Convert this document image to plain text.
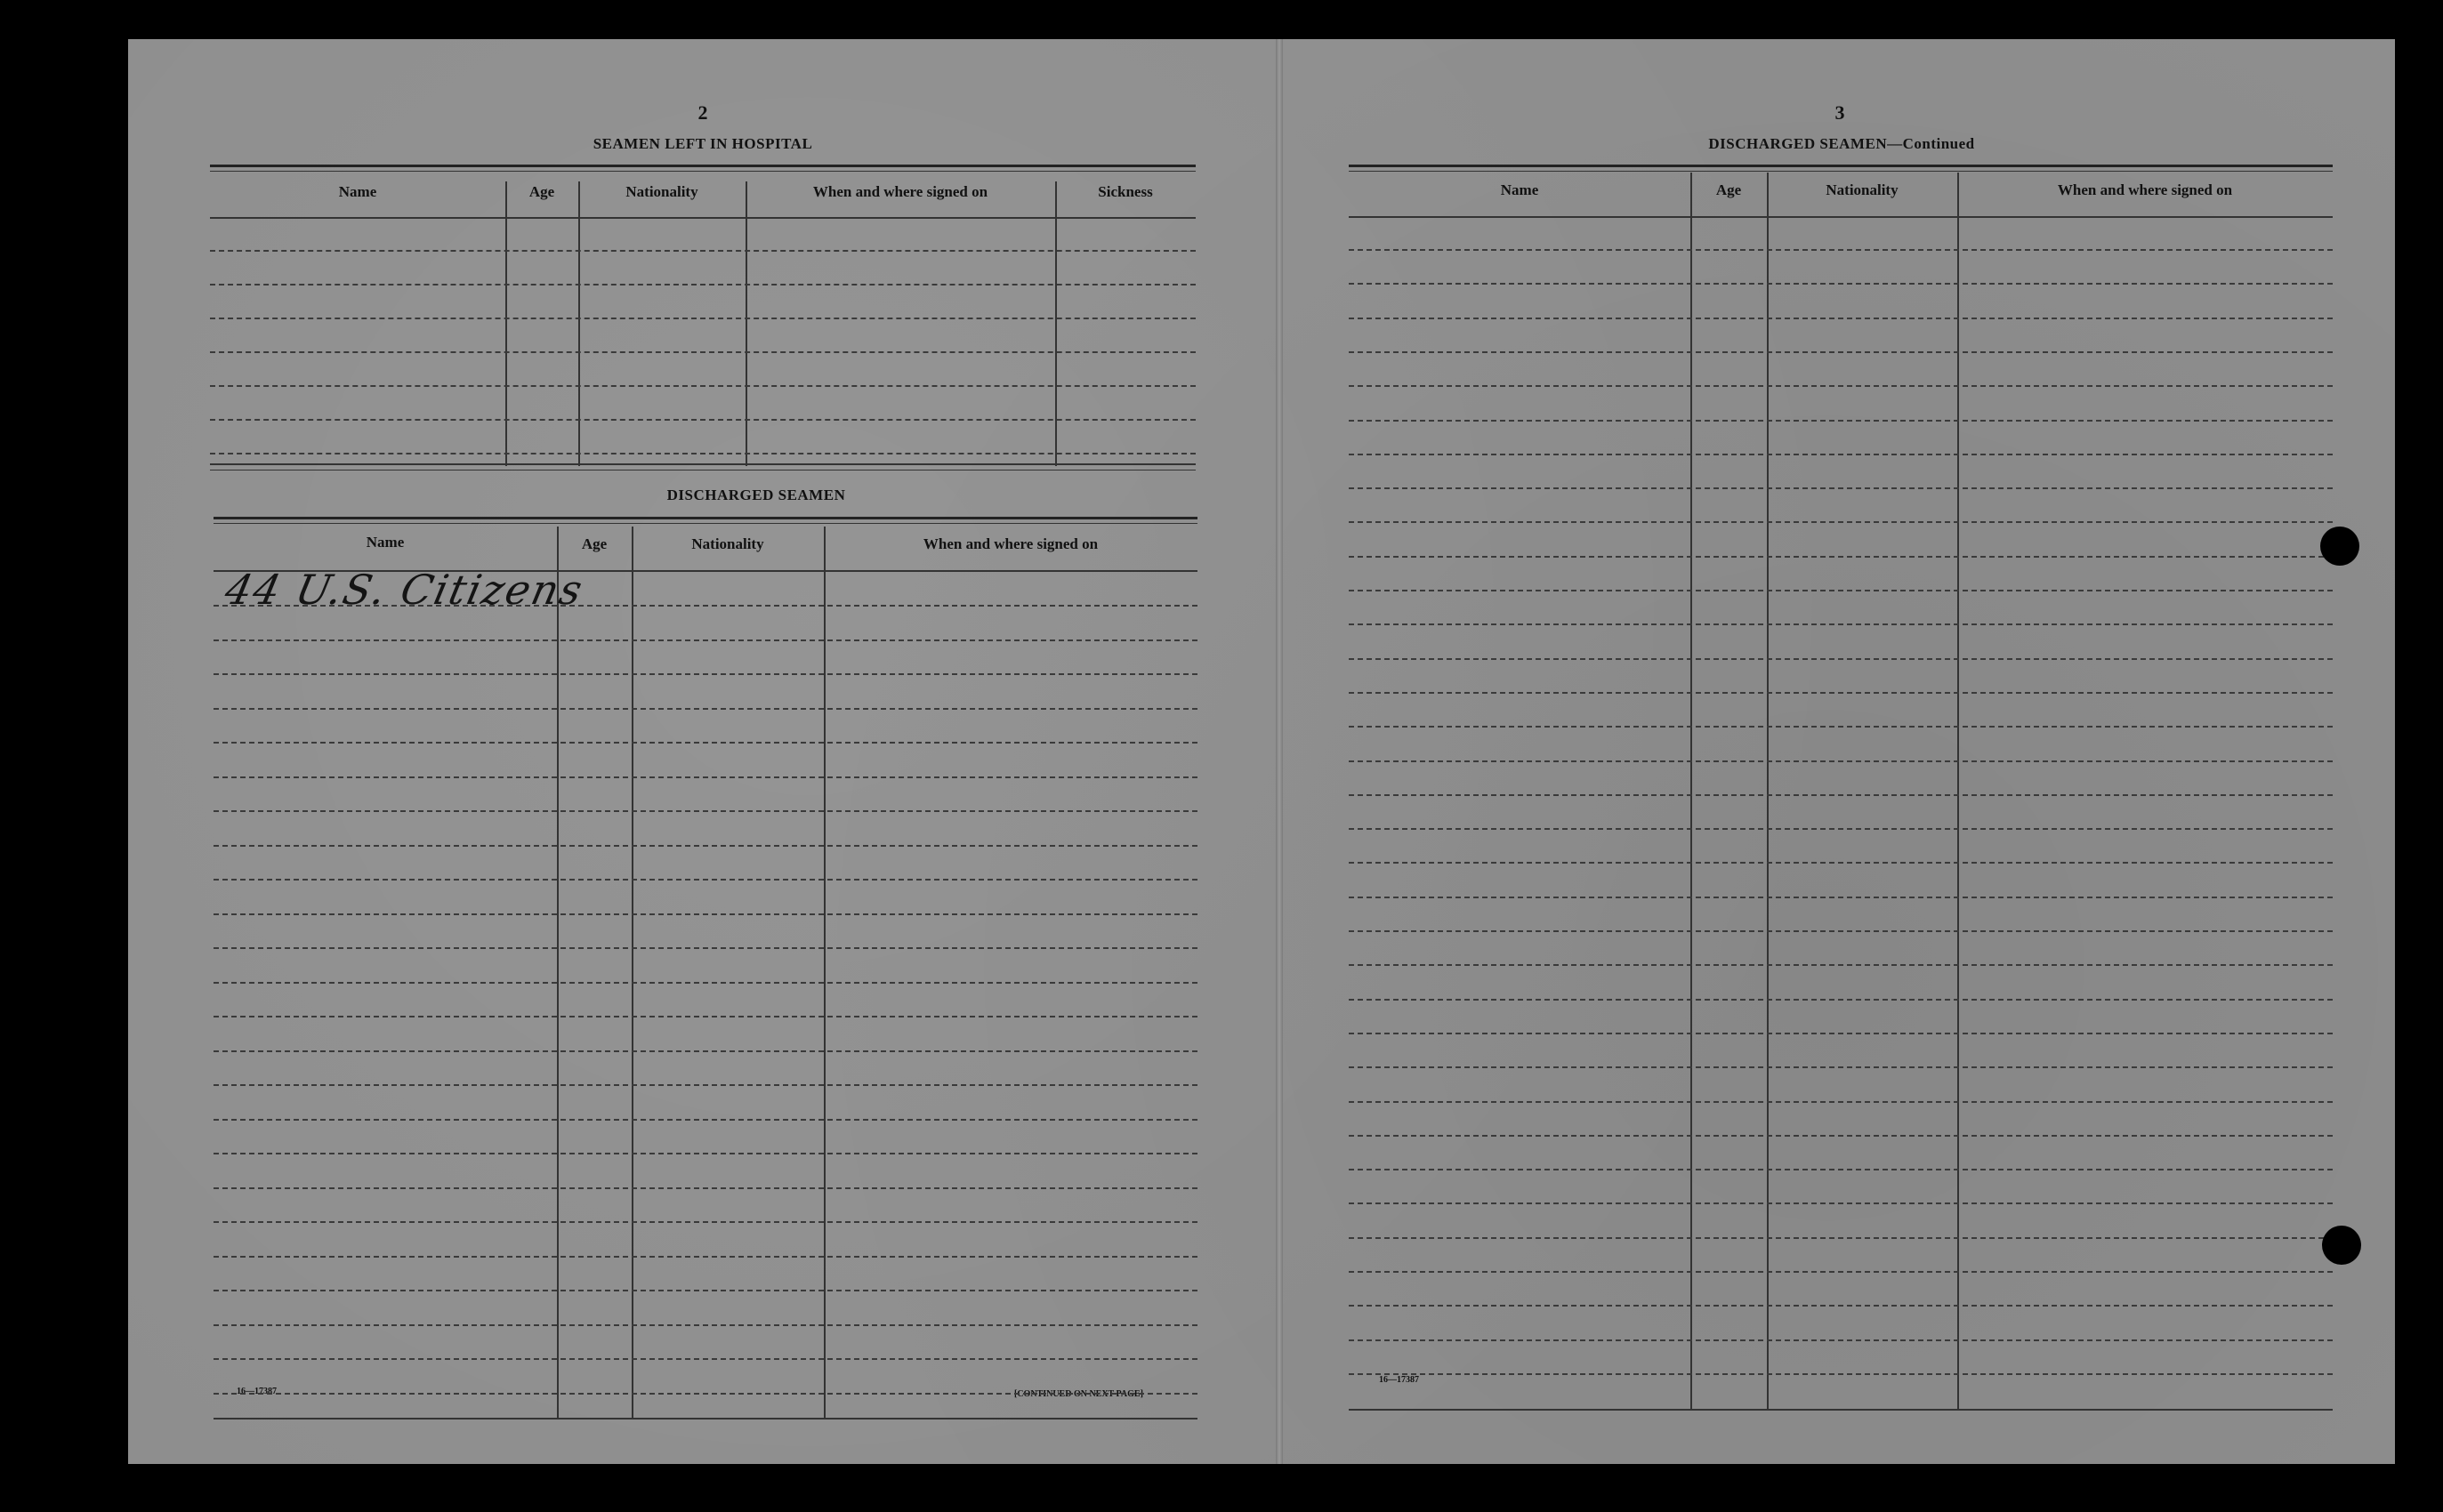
2
SEAMEN LEFT IN HOSPITAL
Name	Age	Nationality	When and where signed on	Sickness
DISCHARGED SEAMEN
Name	Age	Nationality	When and where signed on
44 U.S. Citizens
16—17387	[CONTINUED ON NEXT PAGE]
3
DISCHARGED SEAMEN—Continued
Name	Age	Nationality	When and where signed on
16—17387
